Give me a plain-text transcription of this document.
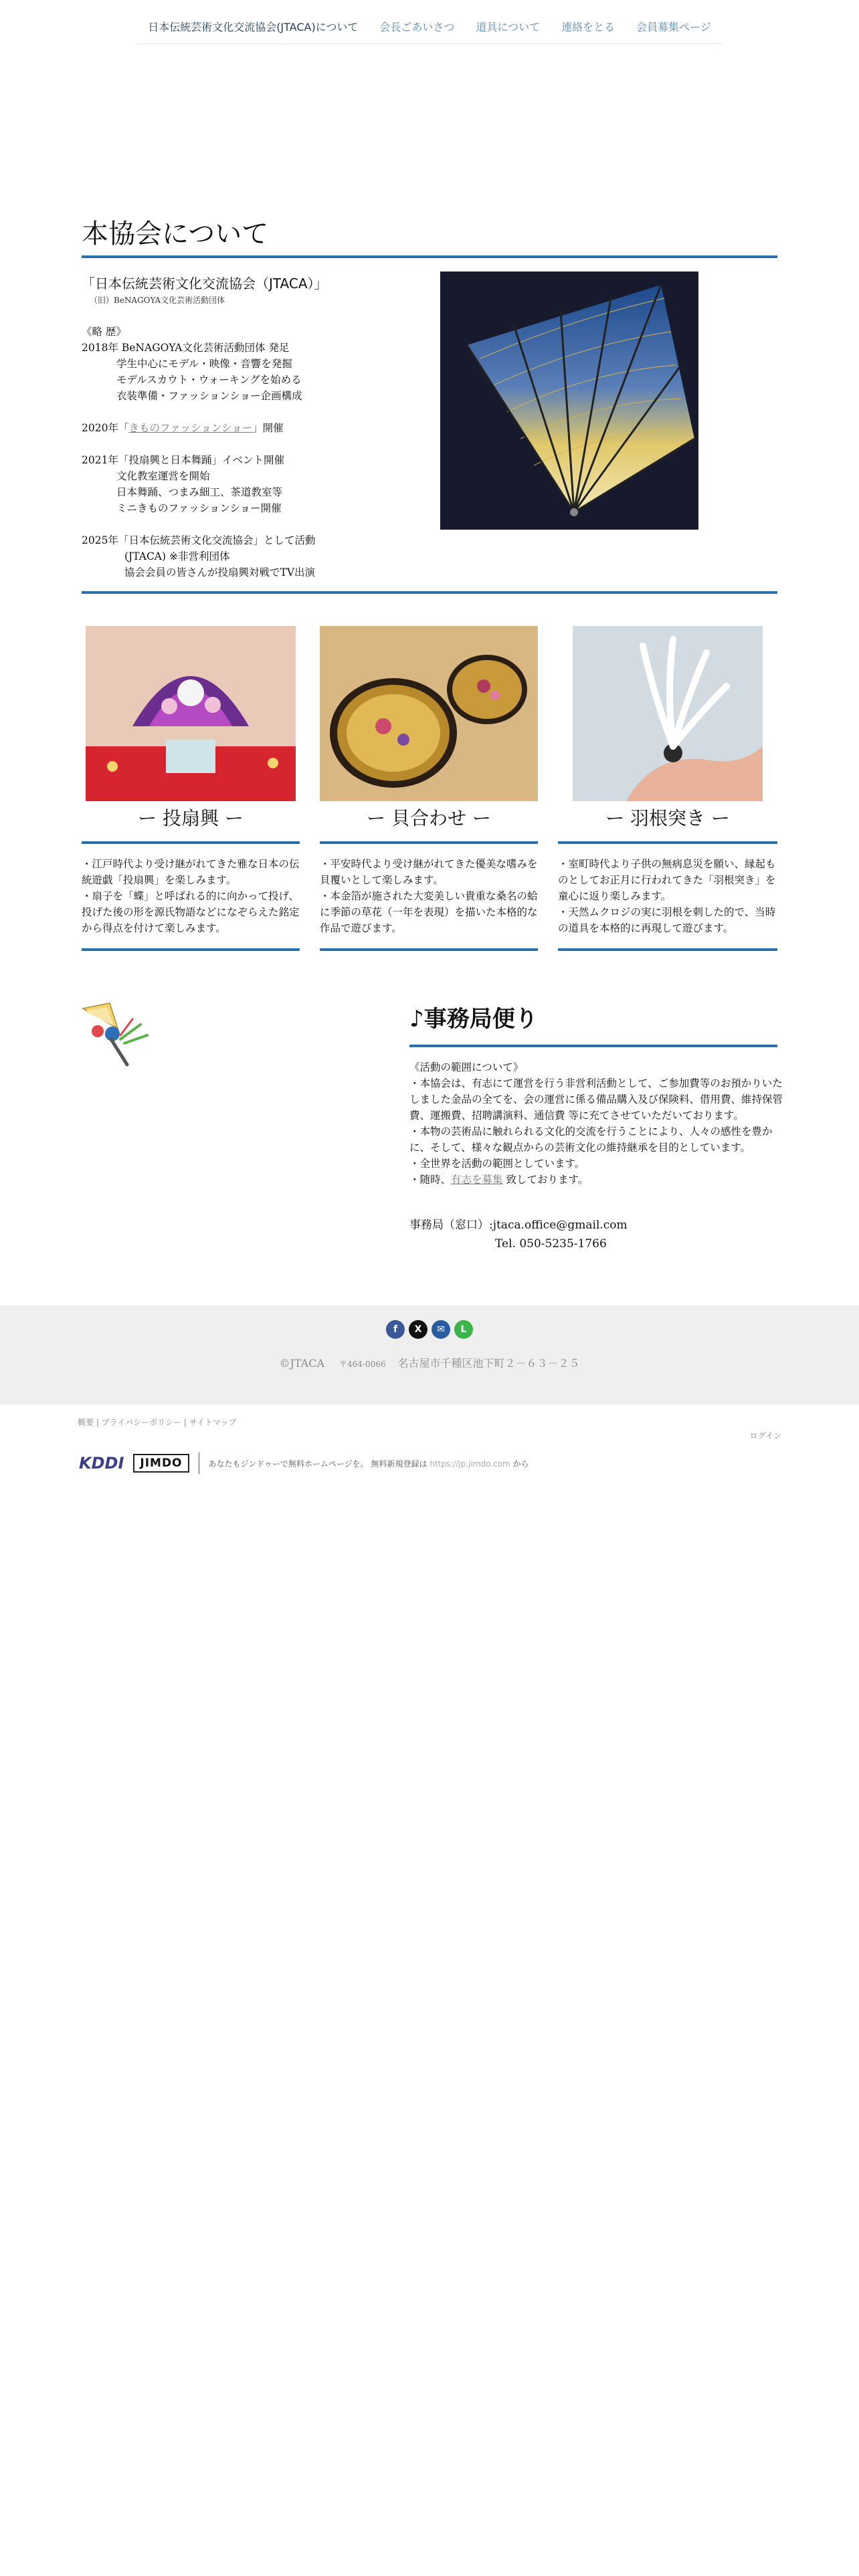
日本伝統芸術文化交流協会(JTACA)について	会長ごあいさつ	道具について	連絡をとる	会員募集ページ
本協会について
「日本伝統芸術文化交流協会（JTACA）」
（旧）BeNAGOYA文化芸術活動団体
《略 歴》
2018年 BeNAGOYA文化芸術活動団体 発足
学生中心にモデル・映像・音響を発掘
モデルスカウト・ウォーキングを始める
衣装準備・ファッションショー企画構成
2020年「きものファッションショー」開催
2021年「投扇興と日本舞踊」イベント開催
文化教室運営を開始
日本舞踊、つまみ細工、茶道教室等
ミニきものファッションショー開催
2025年「日本伝統芸術文化交流協会」として活動
(JTACA) ※非営利団体
協会会員の皆さんが投扇興対戦でTV出演
ー 投扇興 ー
・江戸時代より受け継がれてきた雅な日本の伝統遊戯「投扇興」を楽しみます。
・扇子を「蝶」と呼ばれる的に向かって投げ、投げた後の形を源氏物語などになぞらえた銘定から得点を付けて楽しみます。
ー 貝合わせ ー
・平安時代より受け継がれてきた優美な嗜みを貝覆いとして楽しみます。
・本金箔が施された大変美しい貴重な桑名の蛤に季節の草花（一年を表現）を描いた本格的な作品で遊びます。
ー 羽根突き ー
・室町時代より子供の無病息災を願い、縁起ものとしてお正月に行われてきた「羽根突き」を童心に返り楽しみます。
・天然ムクロジの実に羽根を刺した的で、当時の道具を本格的に再現して遊びます。
♪事務局便り
《活動の範囲について》
・本協会は、有志にて運営を行う非営利活動として、ご参加費等のお預かりいたしました金品の全てを、会の運営に係る備品購入及び保険料、借用費、維持保管費、運搬費、招聘講演料、通信費 等に充てさせていただいております。
・本物の芸術品に触れられる文化的交流を行うことにより、人々の感性を豊かに、そして、様々な観点からの芸術文化の維持継承を目的としています。
・全世界を活動の範囲としています。
・随時、有志を募集 致しております。
事務局（窓口）:jtaca.office@gmail.com
Tel. 050-5235-1766
f	X	✉	L
©JTACA 〒464-0066 名古屋市千種区池下町２－６３－２５
概要 | プライバシーポリシー | サイトマップ
ログイン
KDDI	JIMDO	あなたもジンドゥーで無料ホームページを。 無料新規登録は https://jp.jimdo.com から
